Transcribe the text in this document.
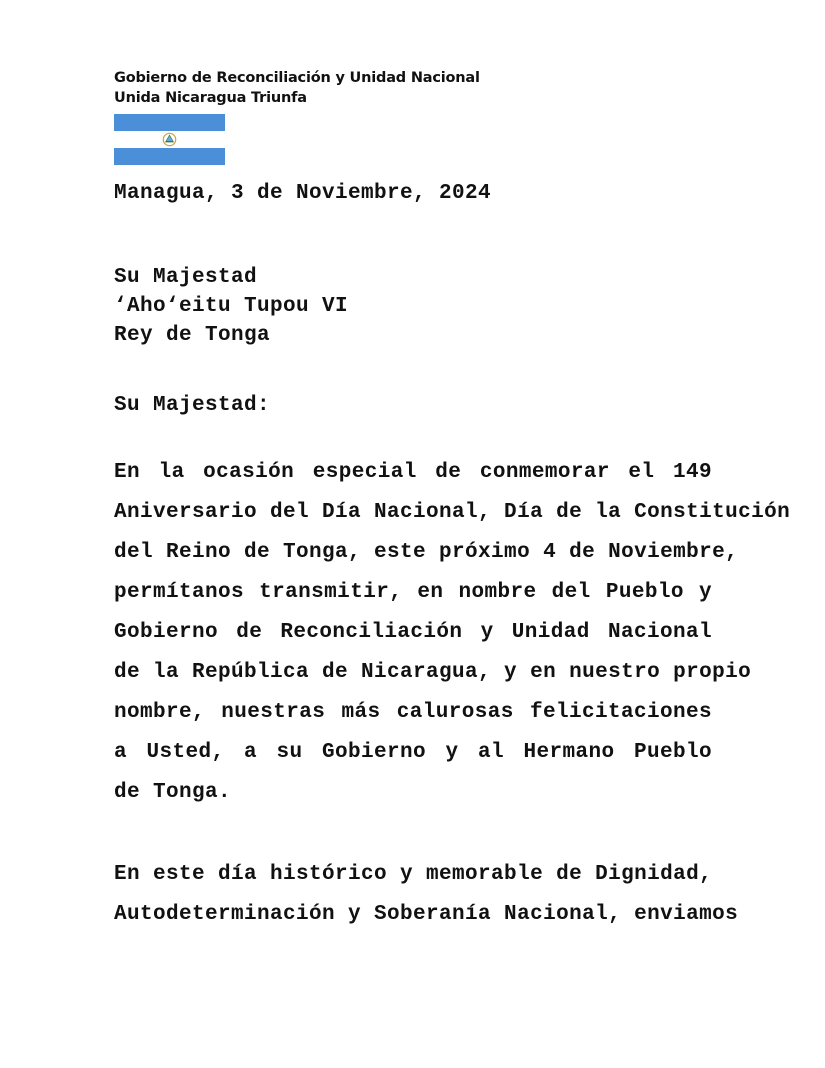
Gobierno de Reconciliación y Unidad Nacional
Unida Nicaragua Triunfa
Managua, 3 de Noviembre, 2024
Su Majestad
‘Aho‘eitu Tupou VI
Rey de Tonga
Su Majestad:
En la ocasión especial de conmemorar el 149
Aniversario del Día Nacional, Día de la Constitución
del Reino de Tonga, este próximo 4 de Noviembre,
permítanos transmitir, en nombre del Pueblo y
Gobierno de Reconciliación y Unidad Nacional
de la República de Nicaragua, y en nuestro propio
nombre, nuestras más calurosas felicitaciones
a Usted, a su Gobierno y al Hermano Pueblo
de Tonga.
En este día histórico y memorable de Dignidad,
Autodeterminación y Soberanía Nacional, enviamos
